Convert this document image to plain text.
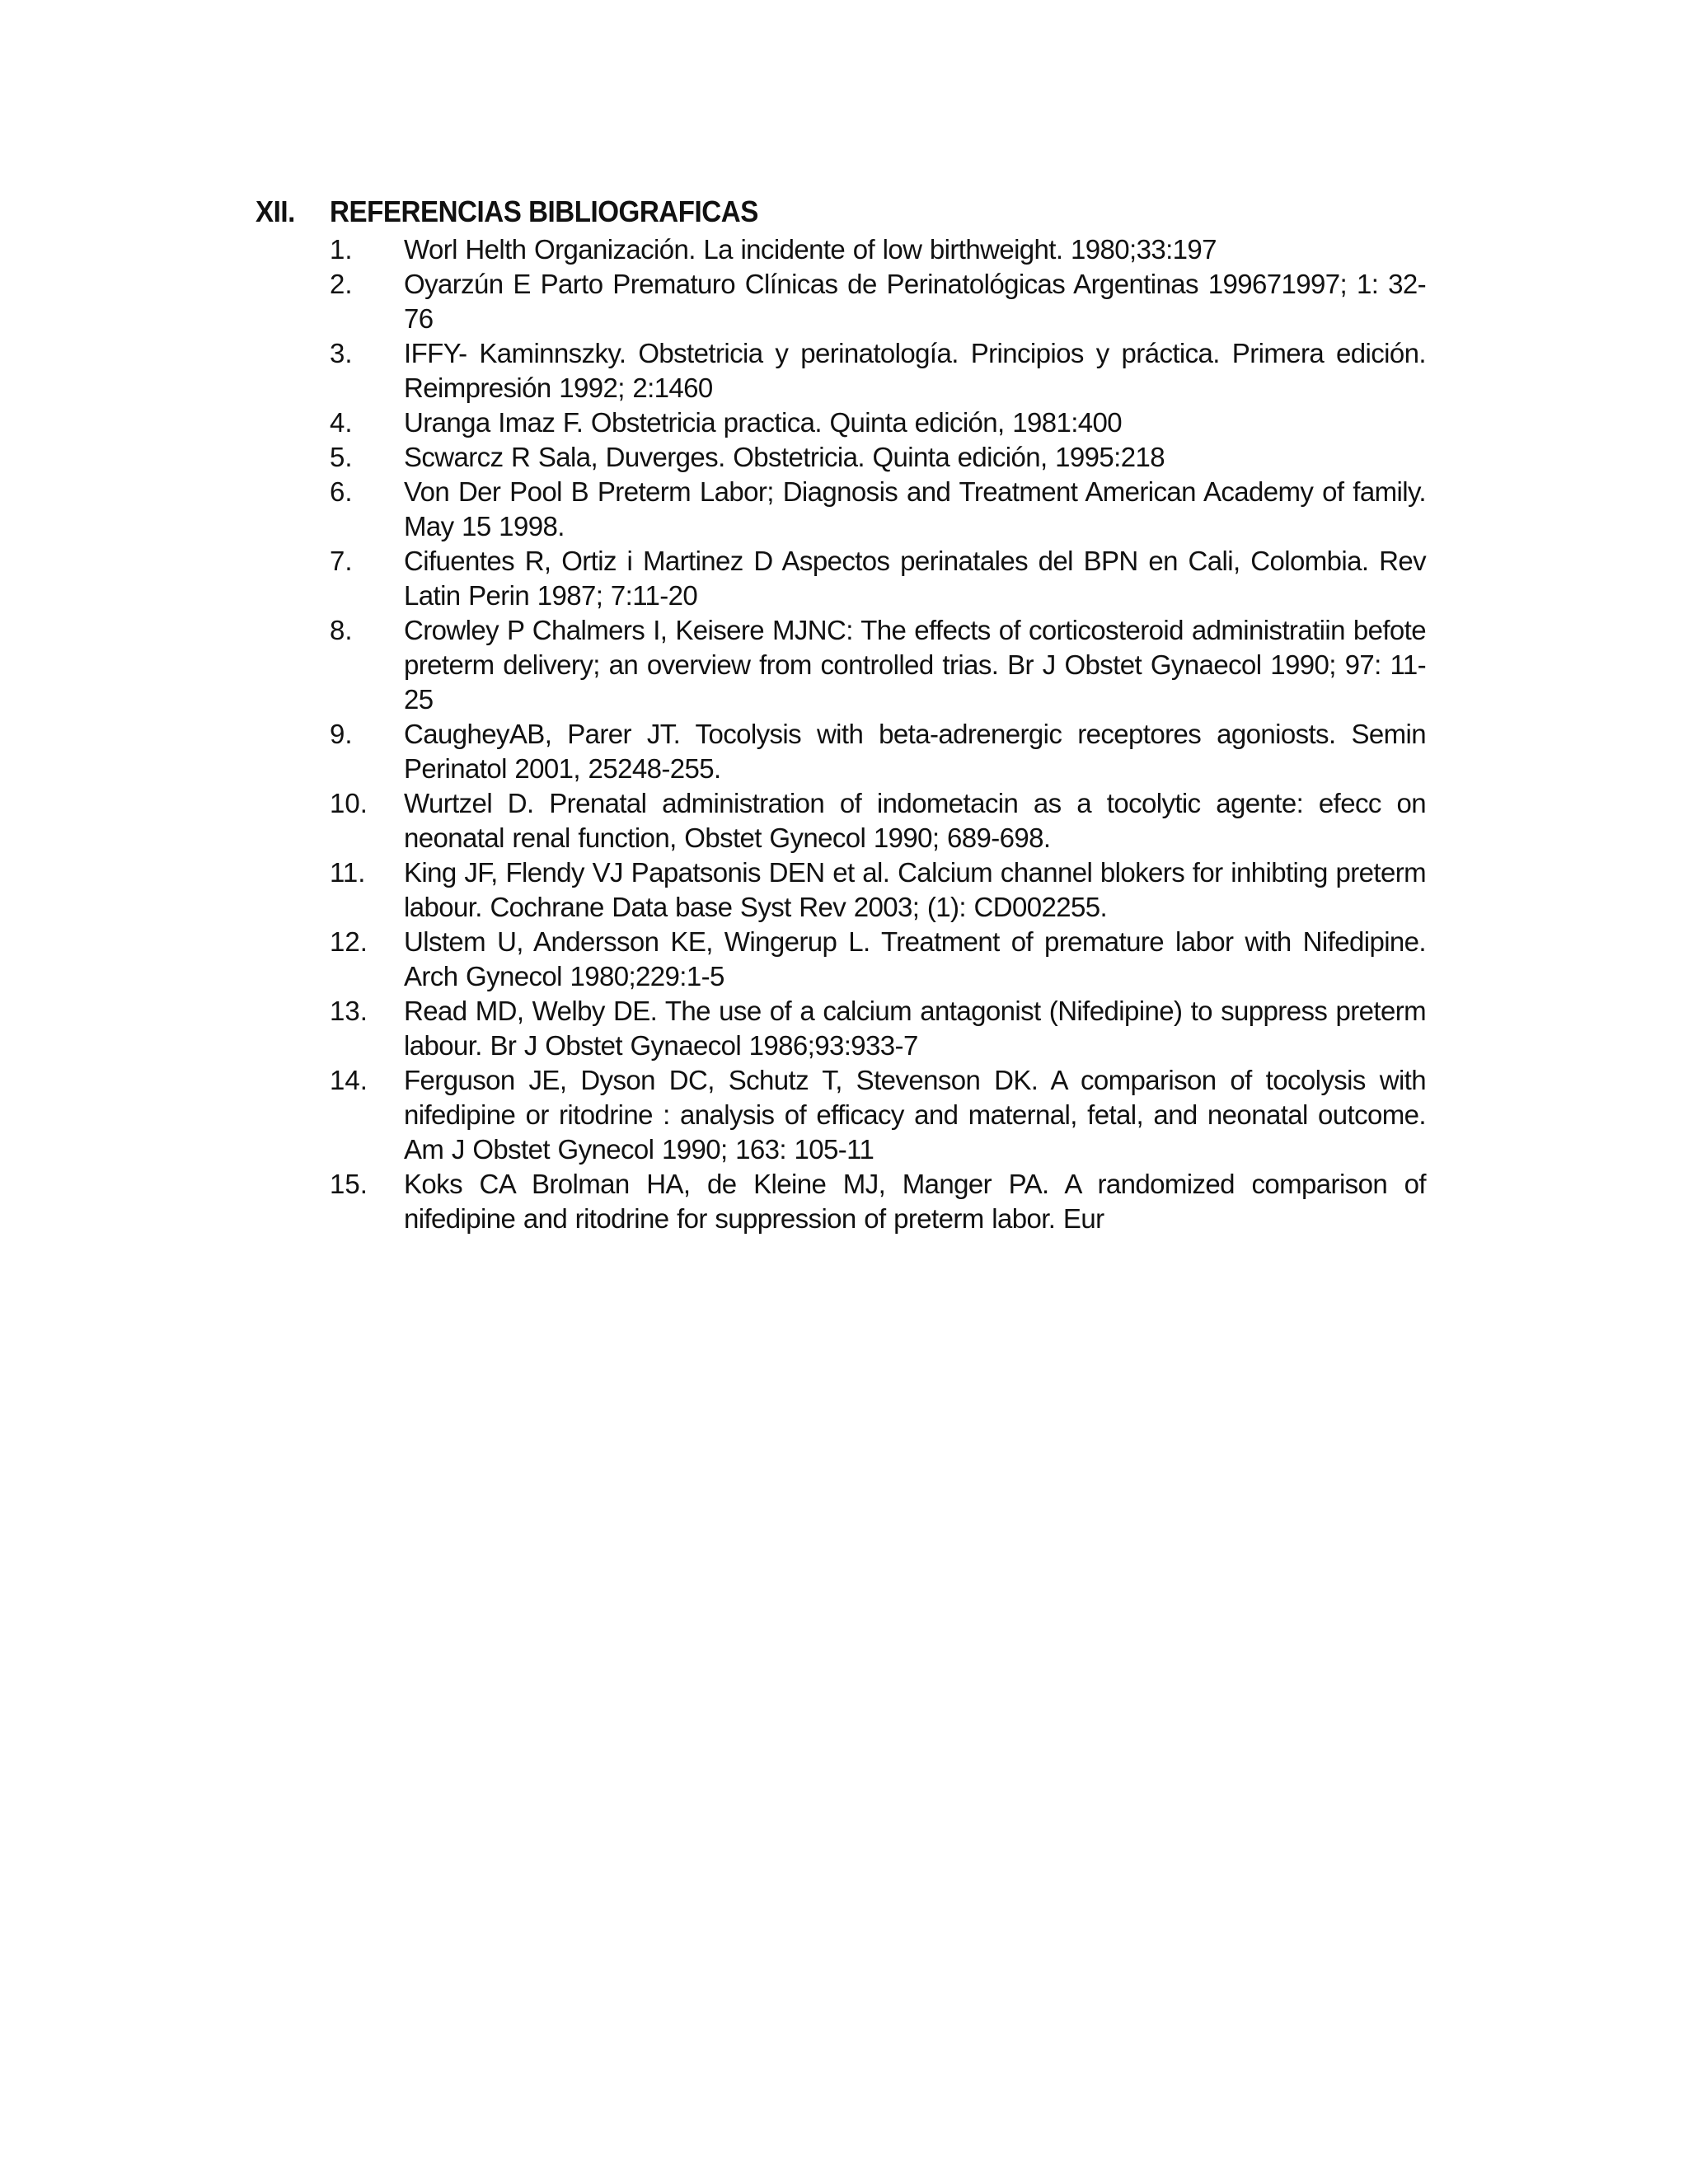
XII.	REFERENCIAS BIBLIOGRAFICAS
1.	Worl Helth Organización. La incidente of low birthweight. 1980;33:197
2.	Oyarzún E Parto Prematuro Clínicas de Perinatológicas Argentinas 199671997; 1: 32-76
3.	IFFY- Kaminnszky. Obstetricia y perinatología. Principios y práctica. Primera edición. Reimpresión 1992; 2:1460
4.	Uranga Imaz F. Obstetricia practica. Quinta edición, 1981:400
5.	Scwarcz R Sala, Duverges. Obstetricia. Quinta edición, 1995:218
6.	Von Der Pool B Preterm Labor; Diagnosis and Treatment American Academy of family. May 15 1998.
7.	Cifuentes R, Ortiz i Martinez D Aspectos perinatales del BPN en Cali, Colombia. Rev Latin Perin 1987; 7:11-20
8.	Crowley P Chalmers I, Keisere MJNC: The effects of corticosteroid administratiin befote preterm delivery; an overview from controlled trias. Br J Obstet Gynaecol 1990; 97: 11-25
9.	CaugheyAB, Parer JT. Tocolysis with beta-adrenergic receptores agoniosts. Semin Perinatol 2001, 25248-255.
10.	Wurtzel D. Prenatal administration of indometacin as a tocolytic agente: efecc on neonatal renal function, Obstet Gynecol 1990; 689-698.
11.	King JF, Flendy VJ Papatsonis DEN et al. Calcium channel blokers for inhibting preterm labour. Cochrane Data base Syst Rev 2003; (1): CD002255.
12.	Ulstem U, Andersson KE, Wingerup L. Treatment of premature labor with Nifedipine. Arch Gynecol 1980;229:1-5
13.	Read MD, Welby DE. The use of a calcium antagonist (Nifedipine) to suppress preterm labour. Br J Obstet Gynaecol 1986;93:933-7
14.	Ferguson JE, Dyson DC, Schutz T, Stevenson DK. A comparison of tocolysis with nifedipine or ritodrine : analysis of efficacy and maternal, fetal, and neonatal outcome. Am J Obstet Gynecol 1990; 163: 105-11
15.	Koks CA Brolman HA, de Kleine MJ, Manger PA. A randomized comparison of nifedipine and ritodrine for suppression of preterm labor. Eur
